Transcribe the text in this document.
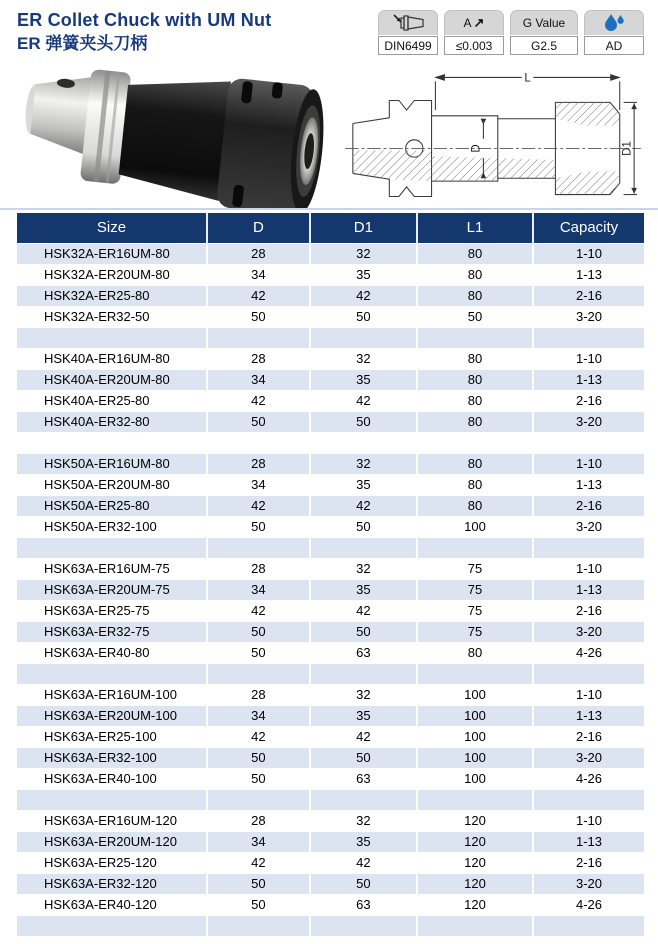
ER Collet Chuck with UM Nut
ER 弹簧夹头刀柄	DIN6499
A ↗
≤0.003
G Value
G2.5	AD
L
D	D1
Size	D	D1	L1	Capacity
HSK32A-ER16UM-80	28	32	80	1-10
HSK32A-ER20UM-80	34	35	80	1-13
HSK32A-ER25-80	42	42	80	2-16
HSK32A-ER32-50	50	50	50	3-20

HSK40A-ER16UM-80	28	32	80	1-10
HSK40A-ER20UM-80	34	35	80	1-13
HSK40A-ER25-80	42	42	80	2-16
HSK40A-ER32-80	50	50	80	3-20

HSK50A-ER16UM-80	28	32	80	1-10
HSK50A-ER20UM-80	34	35	80	1-13
HSK50A-ER25-80	42	42	80	2-16
HSK50A-ER32-100	50	50	100	3-20

HSK63A-ER16UM-75	28	32	75	1-10
HSK63A-ER20UM-75	34	35	75	1-13
HSK63A-ER25-75	42	42	75	2-16
HSK63A-ER32-75	50	50	75	3-20
HSK63A-ER40-80	50	63	80	4-26

HSK63A-ER16UM-100	28	32	100	1-10
HSK63A-ER20UM-100	34	35	100	1-13
HSK63A-ER25-100	42	42	100	2-16
HSK63A-ER32-100	50	50	100	3-20
HSK63A-ER40-100	50	63	100	4-26

HSK63A-ER16UM-120	28	32	120	1-10
HSK63A-ER20UM-120	34	35	120	1-13
HSK63A-ER25-120	42	42	120	2-16
HSK63A-ER32-120	50	50	120	3-20
HSK63A-ER40-120	50	63	120	4-26
